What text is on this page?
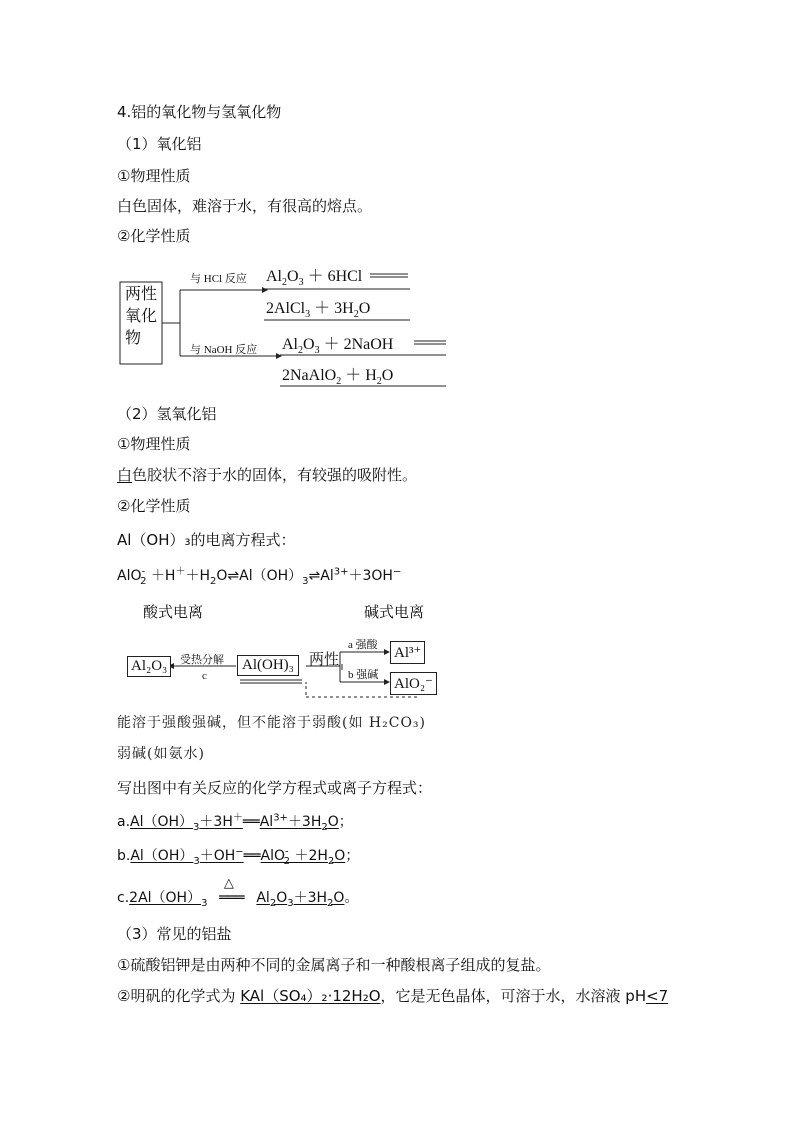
4.铝的氧化物与氢氧化物
（1）氧化铝
①物理性质
白色固体，难溶于水，有很高的熔点。
②化学性质
两性
氧化
物
与 HCl 反应
与 NaOH 反应
$Al_2O_3 + 6HCl$
2AlCl$_3$ ＋ $3H_2O$
$Al_2O_3$ ＋ 2NaOH
2NaAlO$_2$ ＋ $H_2O$
（2）氢氧化铝
①物理性质
白色胶状不溶于水的固体，有较强的吸附性。
②化学性质
Al（OH）₃的电离方程式：
$AlO^-_2 +H^++H_2O\rightleftharpoons Al(OH)_3\rightleftharpoons Al^{3+}+3OH^-$
酸式电离	碱式电离
Al₂O₃	受热分解
c
Al(OH)₃	两性
a 强酸
b 强碱
Al³⁺
AlO₂⁻
能溶于强酸强碱，但不能溶于弱酸(如 H₂CO₃)
弱碱(如氨水)
写出图中有关反应的化学方程式或离子方程式：
$a.Al(OH)_3+3H^+══Al^{3+}+3H_2O$；
$b.Al(OH)_3+OH^-══AlO^-_2 +2H_2O$；
$c.2Al(OH)_3$
△
═══ $Al_2O_3+3H_2O$。
（3）常见的铝盐
①硫酸铝钾是由两种不同的金属离子和一种酸根离子组成的复盐。
②明矾的化学式为 KAl（SO₄）₂·12H₂O，它是无色晶体，可溶于水，水溶液 pH<7
